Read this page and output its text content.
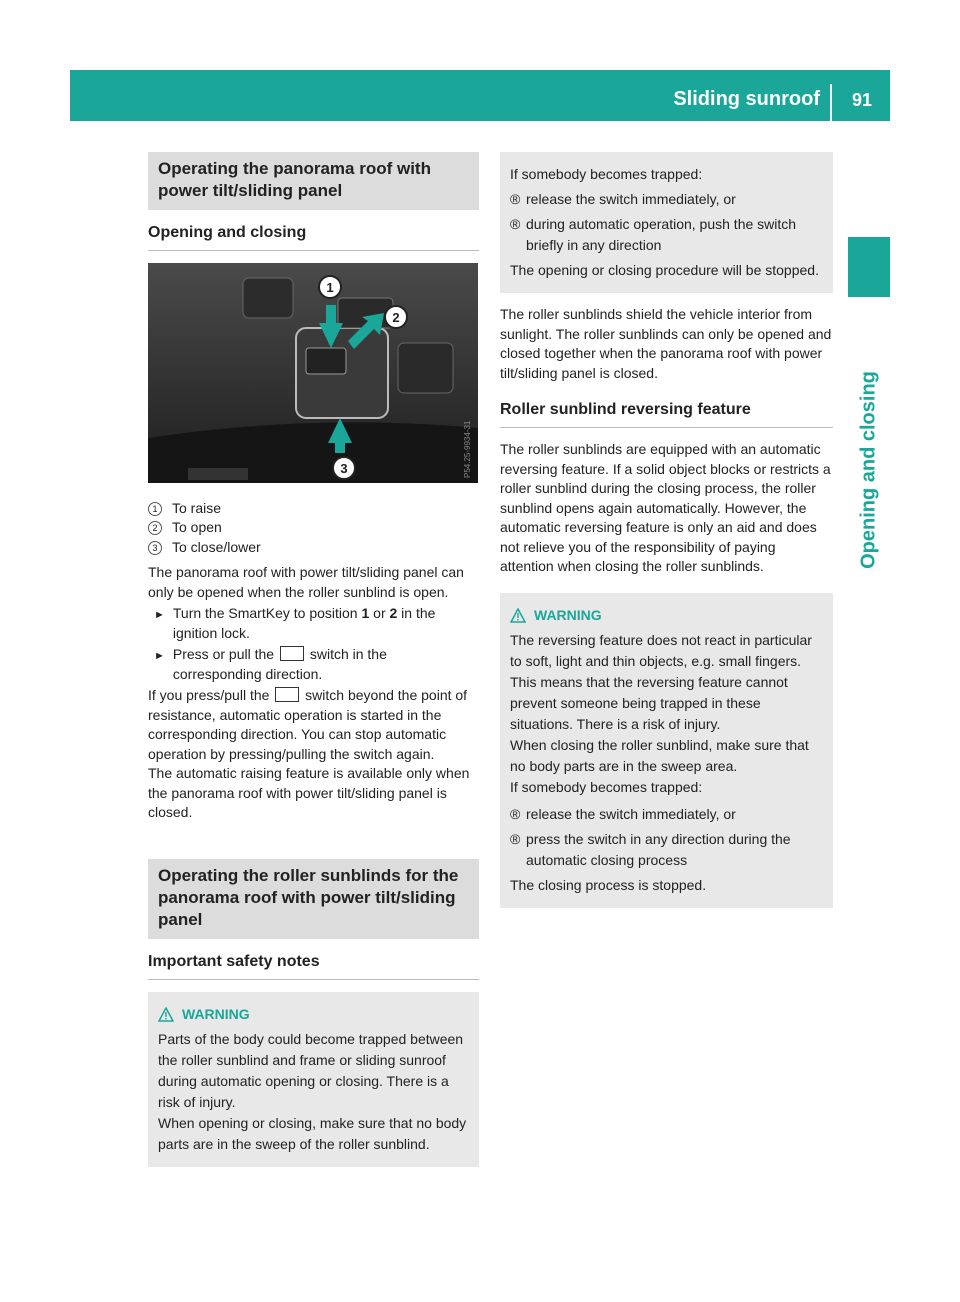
Sliding sunroof 91
Opening and closing
Operating the panorama roof with power tilt/sliding panel
Opening and closing
1
2
3	P54.25-9934-31
1	To raise
2	To open
3	To close/lower

The panorama roof with power tilt/sliding panel can only be opened when the roller sunblind is open.

► Turn the SmartKey to position 1 or 2 in the ignition lock.
► Press or pull the  switch in the corresponding direction.

If you press/pull the  switch beyond the point of resistance, automatic operation is started in the corresponding direction. You can stop automatic operation by pressing/pulling the switch again.

The automatic raising feature is available only when the panorama roof with power tilt/sliding panel is closed.

Operating the roller sunblinds for the panorama roof with power tilt/sliding panel
Important safety notes
WARNING

Parts of the body could become trapped between the roller sunblind and frame or sliding sunroof during automatic opening or closing. There is a risk of injury.

When opening or closing, make sure that no body parts are in the sweep of the roller sunblind.

If somebody becomes trapped:

® release the switch immediately, or
® during automatic operation, push the switch briefly in any direction

The opening or closing procedure will be stopped.

The roller sunblinds shield the vehicle interior from sunlight. The roller sunblinds can only be opened and closed together when the panorama roof with power tilt/sliding panel is closed.

Roller sunblind reversing feature

The roller sunblinds are equipped with an automatic reversing feature. If a solid object blocks or restricts a roller sunblind during the closing process, the roller sunblind opens again automatically. However, the automatic reversing feature is only an aid and does not relieve you of the responsibility of paying attention when closing the roller sunblinds.

WARNING

The reversing feature does not react in particular to soft, light and thin objects, e.g. small fingers. This means that the reversing feature cannot prevent someone being trapped in these situations. There is a risk of injury.

When closing the roller sunblind, make sure that no body parts are in the sweep area.

If somebody becomes trapped:

® release the switch immediately, or
® press the switch in any direction during the automatic closing process

The closing process is stopped.
